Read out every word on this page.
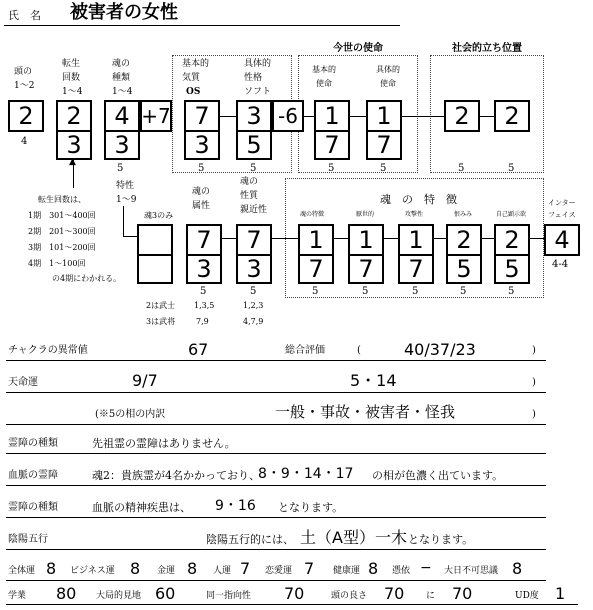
氏　名 被害者の女性
頭の
1〜2
2
4
転生
回数
1〜4
2
3
▲
魂の
種類
1〜4
4
3
5
+7
基本的
気質
OS
7
3
5
具体的
性格
ソフト
3
5
5
-6
今世の使命
基本的
使命
1
7
5
具体的
使命
1
7
5
社会的立ち位置
2
5
2
5
転生回数は、
1期　301〜400回
2期　201〜300回
3期　101〜200回
4期　1〜100回
の4期にわかれる。
特性
1〜9
魂3のみ
魂の
属性
7
3
5
魂の
性質
親近性
7
3
5
2は武士
3は武将
1,3,5
7,9
1,2,3
4,7,9
魂　の　特　徴
魂の特徴
1
7
5
厭世的
1
7
5
攻撃性
1
7
5
恨みみ
2
5
5
自己顕示欲
2
5
5
インター
フェイス
4
4-4
チャクラの異常値	67	総合評価	(	40/37/23	)
天命運	9/7	5・14	)
(※5の相の内訳	一般・事故・被害者・怪我	)
霊障の種類	先祖霊の霊障はありません。
血脈の霊障	魂2：貴族霊が4名かかっており、
8・9・14・17 の相が色濃く出ています。
霊障の種類	血脈の精神疾患は、 9・16 となります。
陰陽五行	陰陽五行的には、 土（A型）一木 となります。
全体運 8 ビジネス運 8 金運 8 人運 7 恋愛運 7 健康運 8 憑依 − 大日不可思議 8
学業 80 大局的見地 60	同一指向性 70	頭の良さ 70 に 70	UD度 1
